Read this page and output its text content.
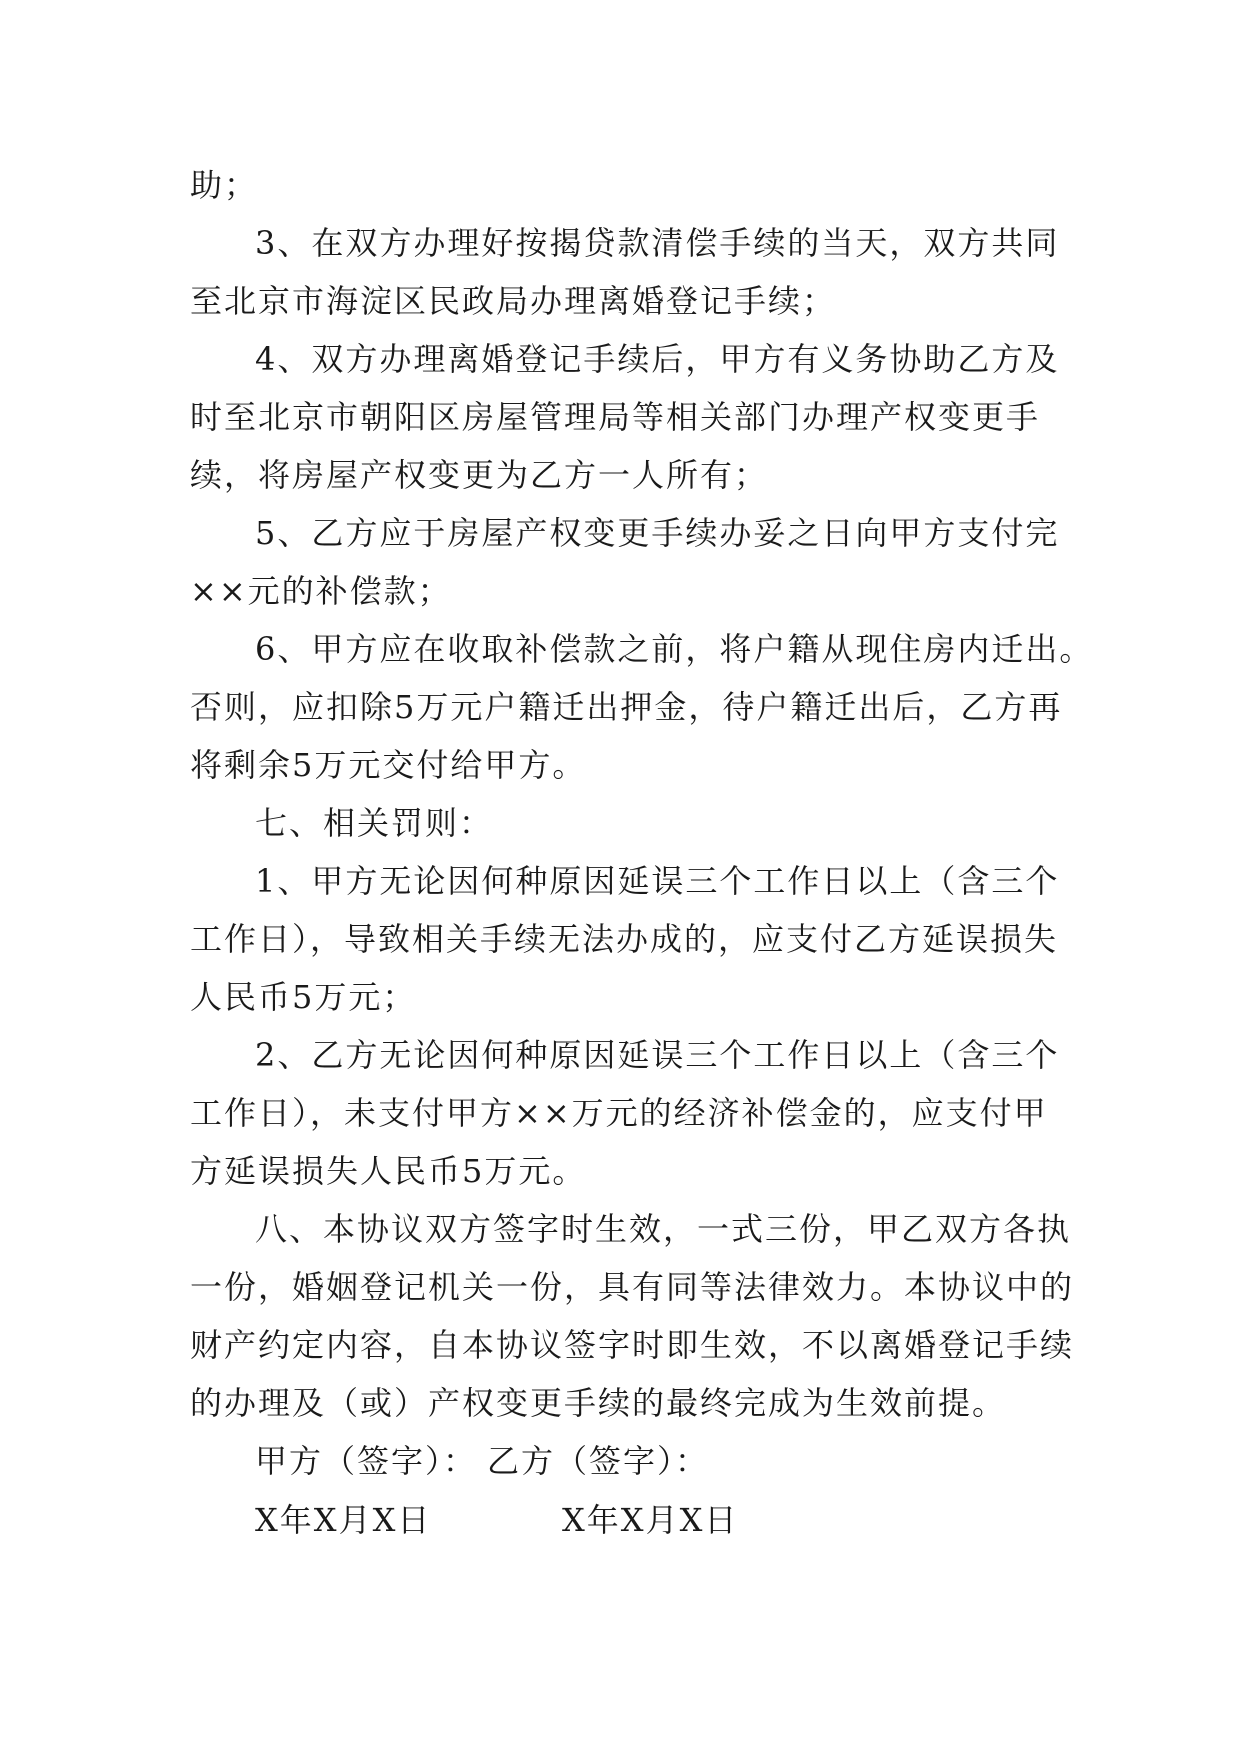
助；
3、在双方办理好按揭贷款清偿手续的当天，双方共同
至北京市海淀区民政局办理离婚登记手续；
4、双方办理离婚登记手续后，甲方有义务协助乙方及
时至北京市朝阳区房屋管理局等相关部门办理产权变更手
续，将房屋产权变更为乙方一人所有；
5、乙方应于房屋产权变更手续办妥之日向甲方支付完
××元的补偿款；
6、甲方应在收取补偿款之前，将户籍从现住房内迁出。
否则，应扣除5万元户籍迁出押金，待户籍迁出后，乙方再
将剩余5万元交付给甲方。
七、相关罚则：
1、甲方无论因何种原因延误三个工作日以上（含三个
工作日），导致相关手续无法办成的，应支付乙方延误损失
人民币5万元；
2、乙方无论因何种原因延误三个工作日以上（含三个
工作日），未支付甲方××万元的经济补偿金的，应支付甲
方延误损失人民币5万元。
八、本协议双方签字时生效，一式三份，甲乙双方各执
一份，婚姻登记机关一份，具有同等法律效力。本协议中的
财产约定内容，自本协议签字时即生效，不以离婚登记手续
的办理及（或）产权变更手续的最终完成为生效前提。
甲方（签字）： 乙方（签字）：
X年X月X日	X年X月X日
